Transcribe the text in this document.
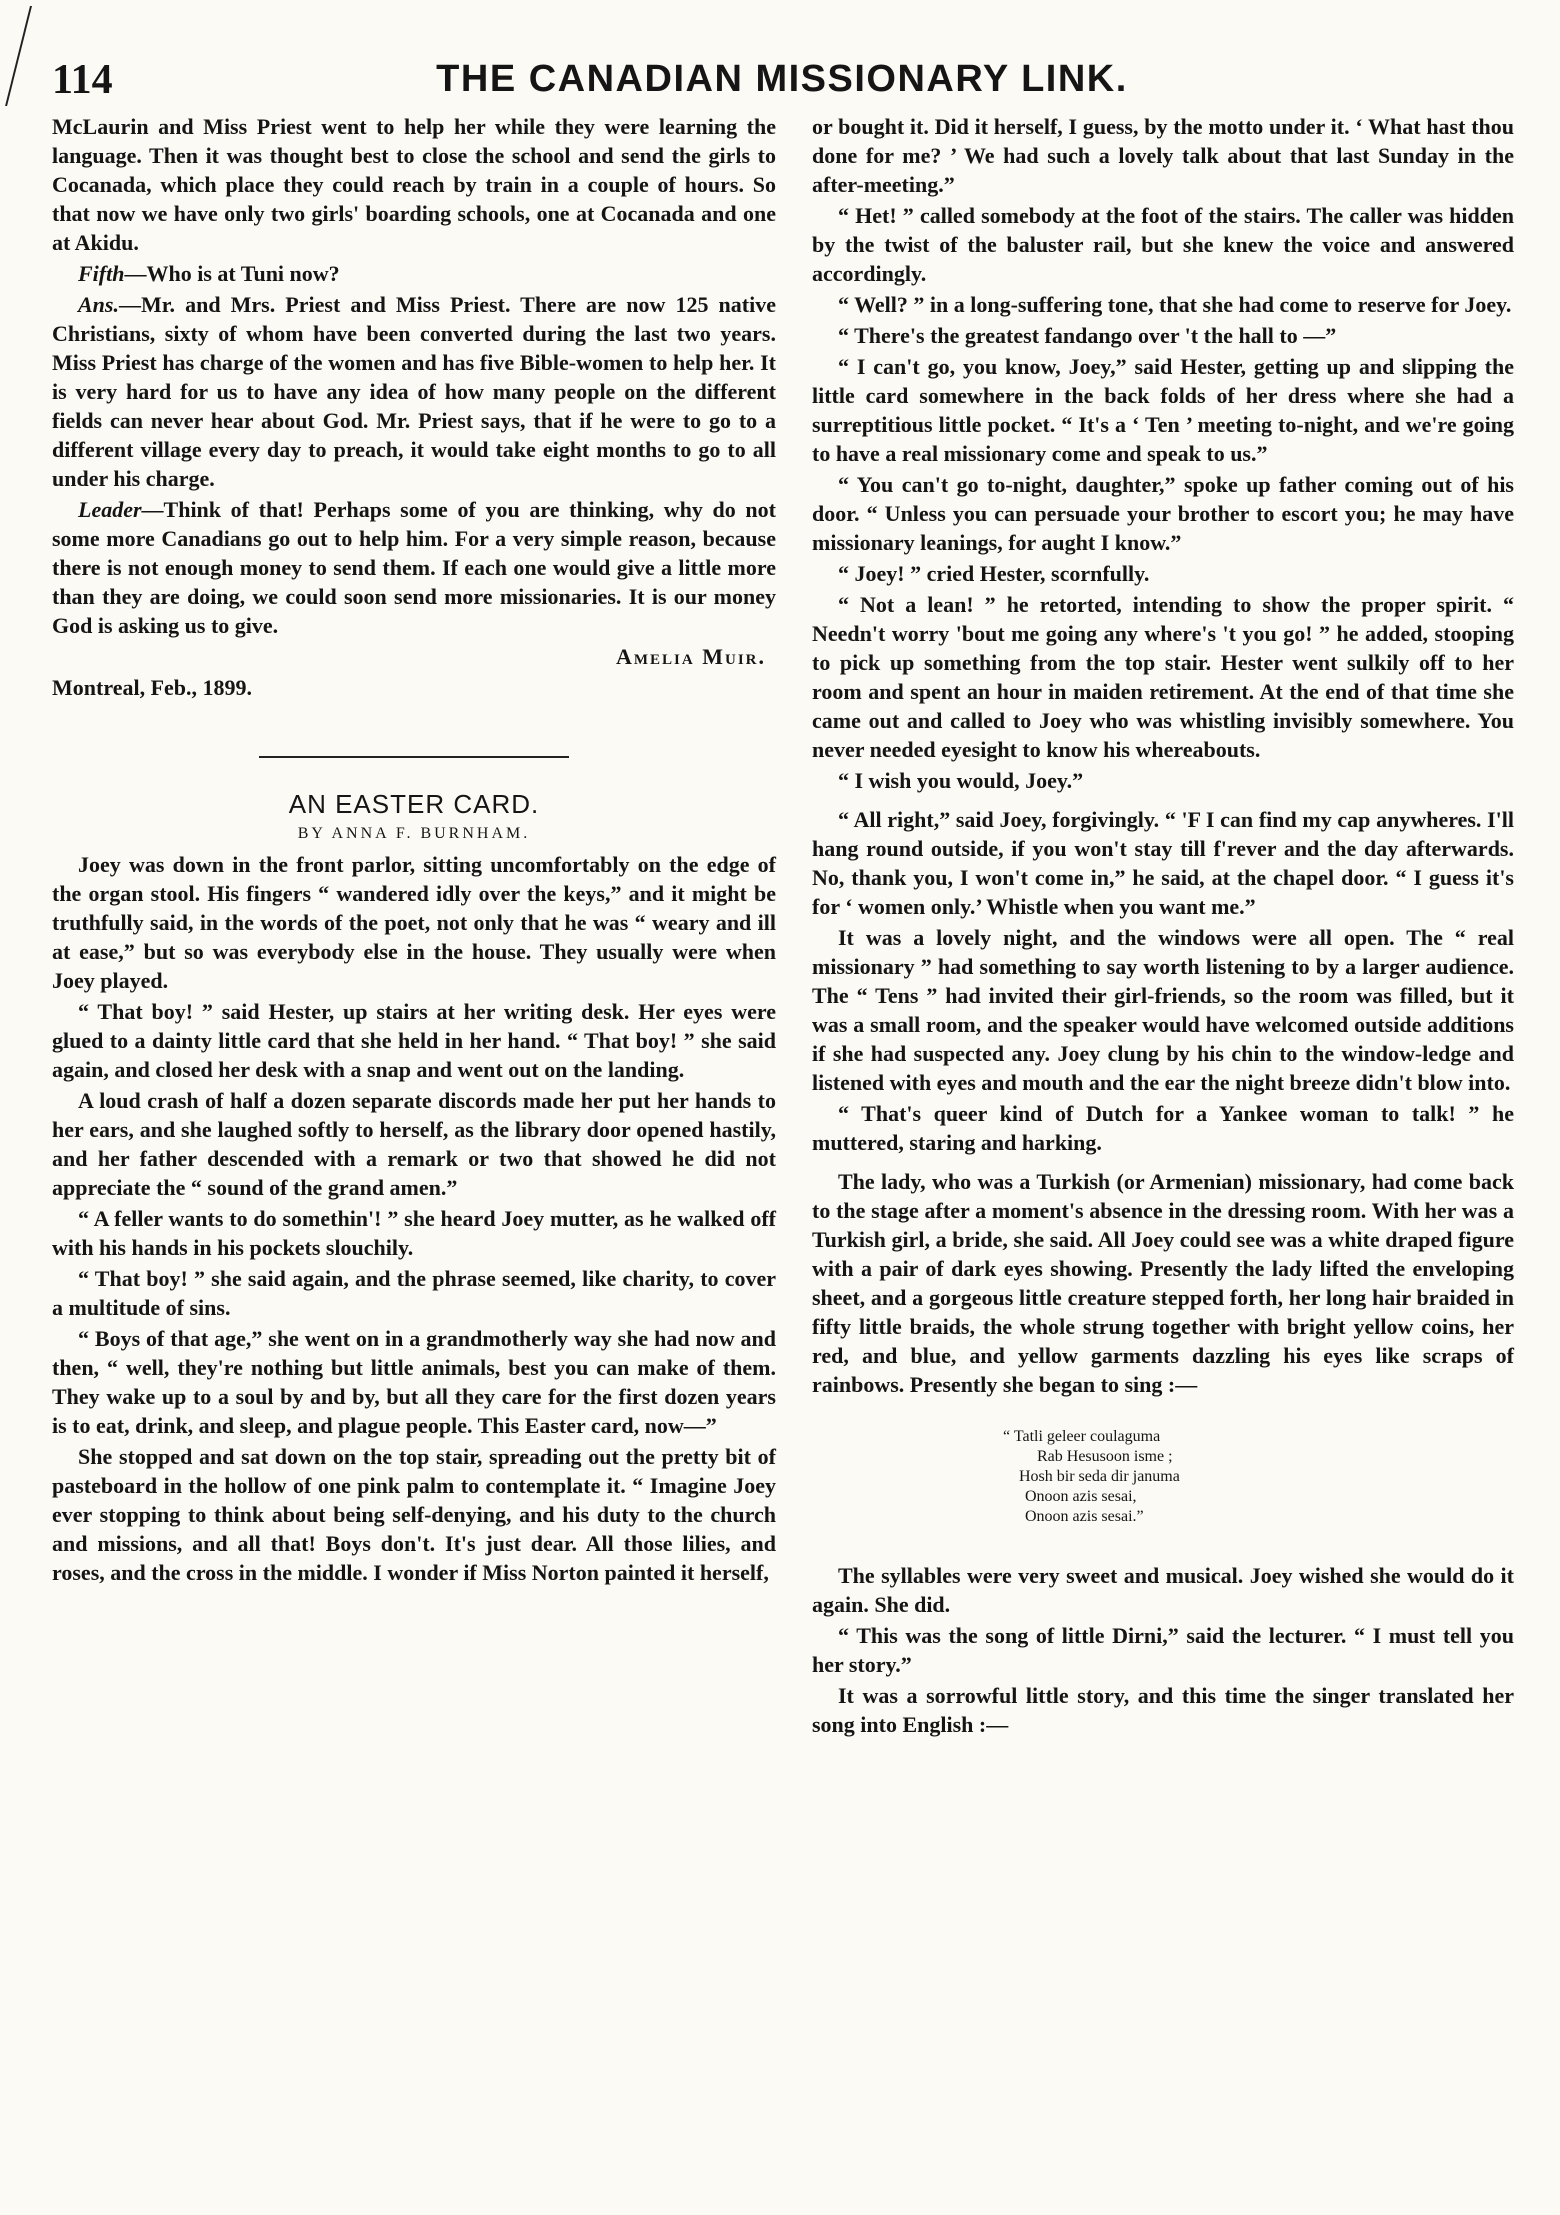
114	THE CANADIAN MISSIONARY LINK.

McLaurin and Miss Priest went to help her while they were learning the language. Then it was thought best to close the school and send the girls to Cocanada, which place they could reach by train in a couple of hours. So that now we have only two girls' boarding schools, one at Cocanada and one at Akidu.

Fifth—Who is at Tuni now?

Ans.—Mr. and Mrs. Priest and Miss Priest. There are now 125 native Christians, sixty of whom have been converted during the last two years. Miss Priest has charge of the women and has five Bible-women to help her. It is very hard for us to have any idea of how many people on the different fields can never hear about God. Mr. Priest says, that if he were to go to a different village every day to preach, it would take eight months to go to all under his charge.

Leader—Think of that! Perhaps some of you are thinking, why do not some more Canadians go out to help him. For a very simple reason, because there is not enough money to send them. If each one would give a little more than they are doing, we could soon send more missionaries. It is our money God is asking us to give.

Amelia Muir.

Montreal, Feb., 1899.

AN EASTER CARD.

BY ANNA F. BURNHAM.

Joey was down in the front parlor, sitting uncomfortably on the edge of the organ stool. His fingers “ wandered idly over the keys,” and it might be truthfully said, in the words of the poet, not only that he was “ weary and ill at ease,” but so was everybody else in the house. They usually were when Joey played.

“ That boy! ” said Hester, up stairs at her writing desk. Her eyes were glued to a dainty little card that she held in her hand. “ That boy! ” she said again, and closed her desk with a snap and went out on the landing.

A loud crash of half a dozen separate discords made her put her hands to her ears, and she laughed softly to herself, as the library door opened hastily, and her father descended with a remark or two that showed he did not appreciate the “ sound of the grand amen.”

“ A feller wants to do somethin'! ” she heard Joey mutter, as he walked off with his hands in his pockets slouchily.

“ That boy! ” she said again, and the phrase seemed, like charity, to cover a multitude of sins.

“ Boys of that age,” she went on in a grandmotherly way she had now and then, “ well, they're nothing but little animals, best you can make of them. They wake up to a soul by and by, but all they care for the first dozen years is to eat, drink, and sleep, and plague people. This Easter card, now—”

She stopped and sat down on the top stair, spreading out the pretty bit of pasteboard in the hollow of one pink palm to contemplate it. “ Imagine Joey ever stopping to think about being self-denying, and his duty to the church and missions, and all that! Boys don't. It's just dear. All those lilies, and roses, and the cross in the middle. I wonder if Miss Norton painted it herself,

or bought it. Did it herself, I guess, by the motto under it. ‘ What hast thou done for me? ’ We had such a lovely talk about that last Sunday in the after-meeting.”

“ Het! ” called somebody at the foot of the stairs. The caller was hidden by the twist of the baluster rail, but she knew the voice and answered accordingly.

“ Well? ” in a long-suffering tone, that she had come to reserve for Joey.

“ There's the greatest fandango over 't the hall to —”

“ I can't go, you know, Joey,” said Hester, getting up and slipping the little card somewhere in the back folds of her dress where she had a surreptitious little pocket. “ It's a ‘ Ten ’ meeting to-night, and we're going to have a real missionary come and speak to us.”

“ You can't go to-night, daughter,” spoke up father coming out of his door. “ Unless you can persuade your brother to escort you; he may have missionary leanings, for aught I know.”

“ Joey! ” cried Hester, scornfully.

“ Not a lean! ” he retorted, intending to show the proper spirit. “ Needn't worry 'bout me going any where's 't you go! ” he added, stooping to pick up something from the top stair. Hester went sulkily off to her room and spent an hour in maiden retirement. At the end of that time she came out and called to Joey who was whistling invisibly somewhere. You never needed eyesight to know his whereabouts.

“ I wish you would, Joey.”

“ All right,” said Joey, forgivingly. “ 'F I can find my cap anywheres. I'll hang round outside, if you won't stay till f'rever and the day afterwards. No, thank you, I won't come in,” he said, at the chapel door. “ I guess it's for ‘ women only.’ Whistle when you want me.”

It was a lovely night, and the windows were all open. The “ real missionary ” had something to say worth listening to by a larger audience. The “ Tens ” had invited their girl-friends, so the room was filled, but it was a small room, and the speaker would have welcomed outside additions if she had suspected any. Joey clung by his chin to the window-ledge and listened with eyes and mouth and the ear the night breeze didn't blow into.

“ That's queer kind of Dutch for a Yankee woman to talk! ” he muttered, staring and harking.

The lady, who was a Turkish (or Armenian) missionary, had come back to the stage after a moment's absence in the dressing room. With her was a Turkish girl, a bride, she said. All Joey could see was a white draped figure with a pair of dark eyes showing. Presently the lady lifted the enveloping sheet, and a gorgeous little creature stepped forth, her long hair braided in fifty little braids, the whole strung together with bright yellow coins, her red, and blue, and yellow garments dazzling his eyes like scraps of rainbows. Presently she began to sing :—

“ Tatli geleer coulaguma
Rab Hesusoon isme ;
Hosh bir seda dir januma
Onoon azis sesai,
Onoon azis sesai.”

The syllables were very sweet and musical. Joey wished she would do it again. She did.

“ This was the song of little Dirni,” said the lecturer. “ I must tell you her story.”

It was a sorrowful little story, and this time the singer translated her song into English :—
